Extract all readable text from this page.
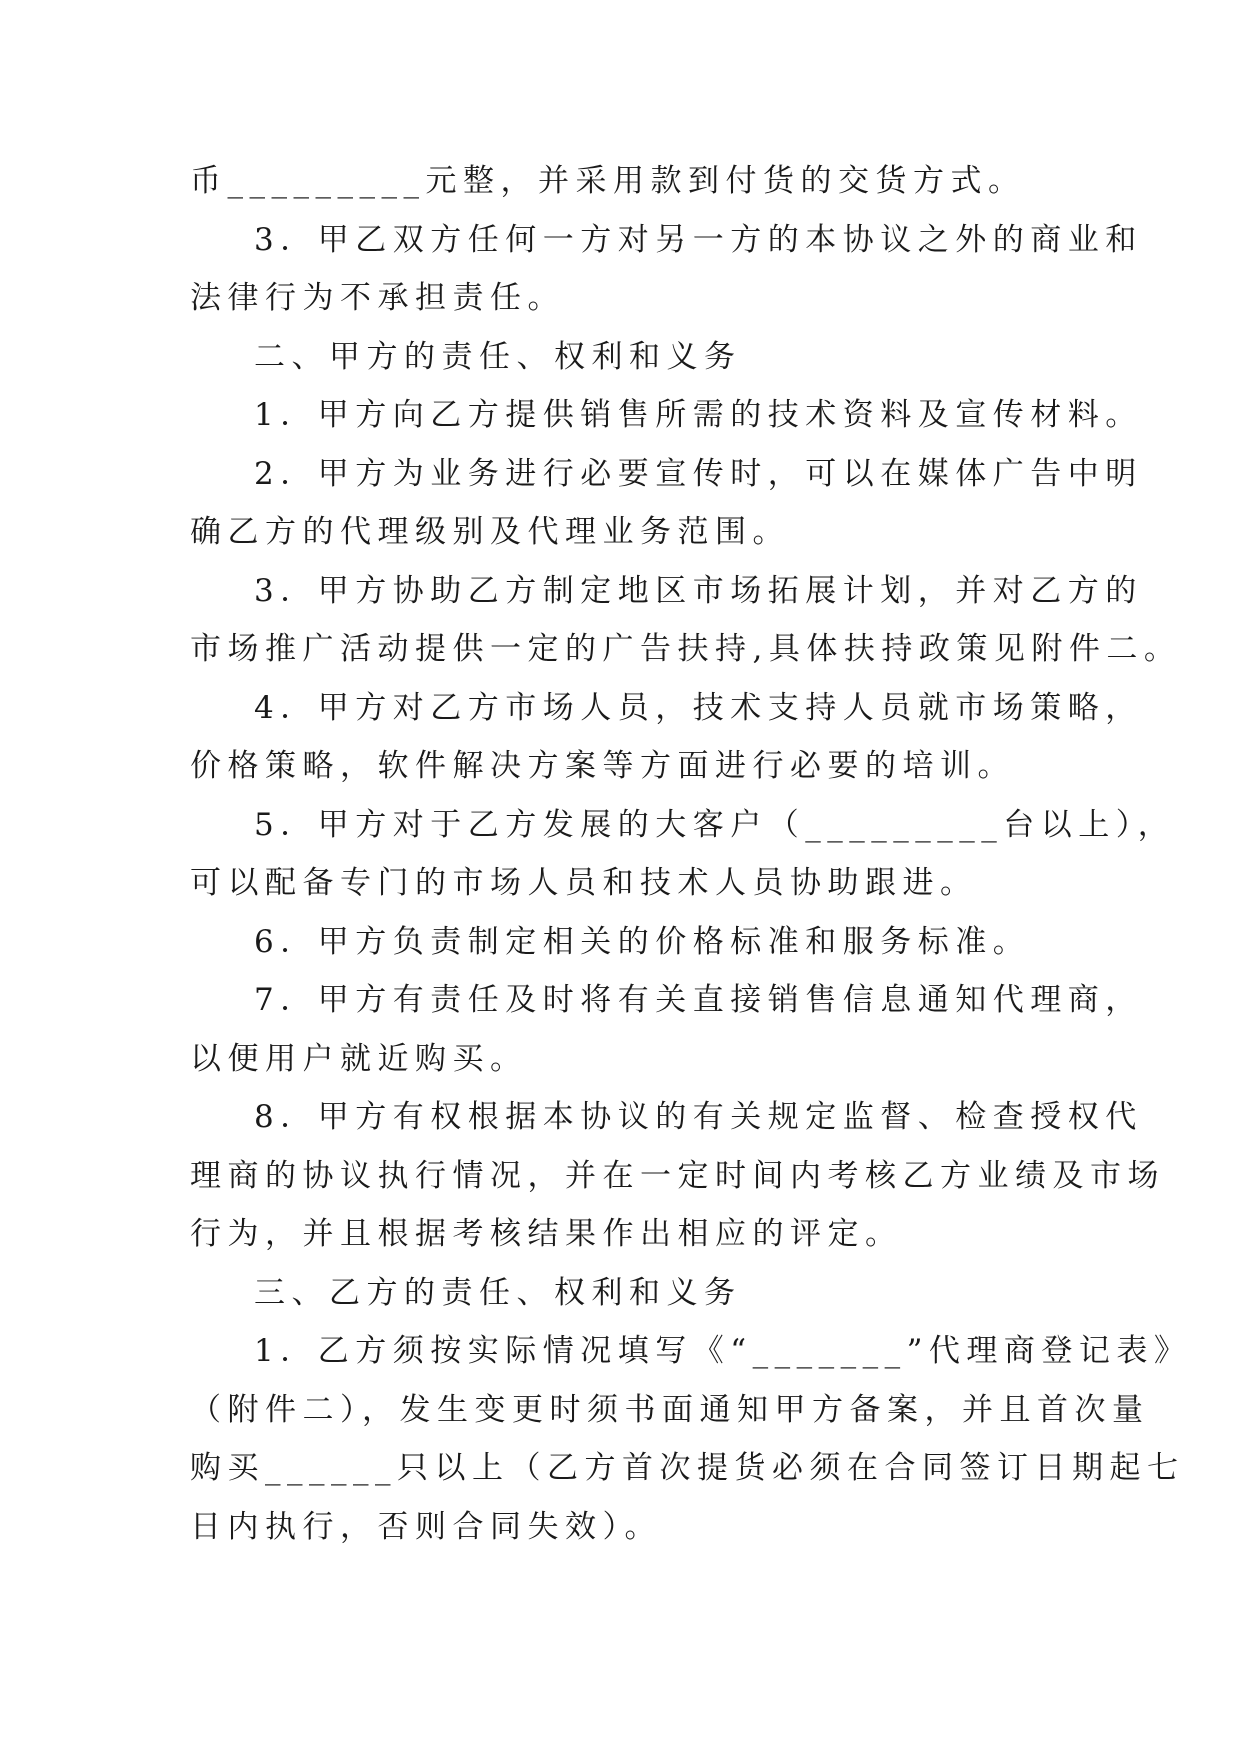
币_________元整，并采用款到付货的交货方式。
3．甲乙双方任何一方对另一方的本协议之外的商业和
法律行为不承担责任。
二、甲方的责任、权利和义务
1．甲方向乙方提供销售所需的技术资料及宣传材料。
2．甲方为业务进行必要宣传时，可以在媒体广告中明
确乙方的代理级别及代理业务范围。
3．甲方协助乙方制定地区市场拓展计划，并对乙方的
市场推广活动提供一定的广告扶持,具体扶持政策见附件二。
4．甲方对乙方市场人员，技术支持人员就市场策略，
价格策略，软件解决方案等方面进行必要的培训。
5．甲方对于乙方发展的大客户（_________台以上），
可以配备专门的市场人员和技术人员协助跟进。
6．甲方负责制定相关的价格标准和服务标准。
7．甲方有责任及时将有关直接销售信息通知代理商，
以便用户就近购买。
8．甲方有权根据本协议的有关规定监督、检查授权代
理商的协议执行情况，并在一定时间内考核乙方业绩及市场
行为，并且根据考核结果作出相应的评定。
三、乙方的责任、权利和义务
1．乙方须按实际情况填写《“_______”代理商登记表》
（附件二），发生变更时须书面通知甲方备案，并且首次量
购买______只以上（乙方首次提货必须在合同签订日期起七
日内执行，否则合同失效）。
